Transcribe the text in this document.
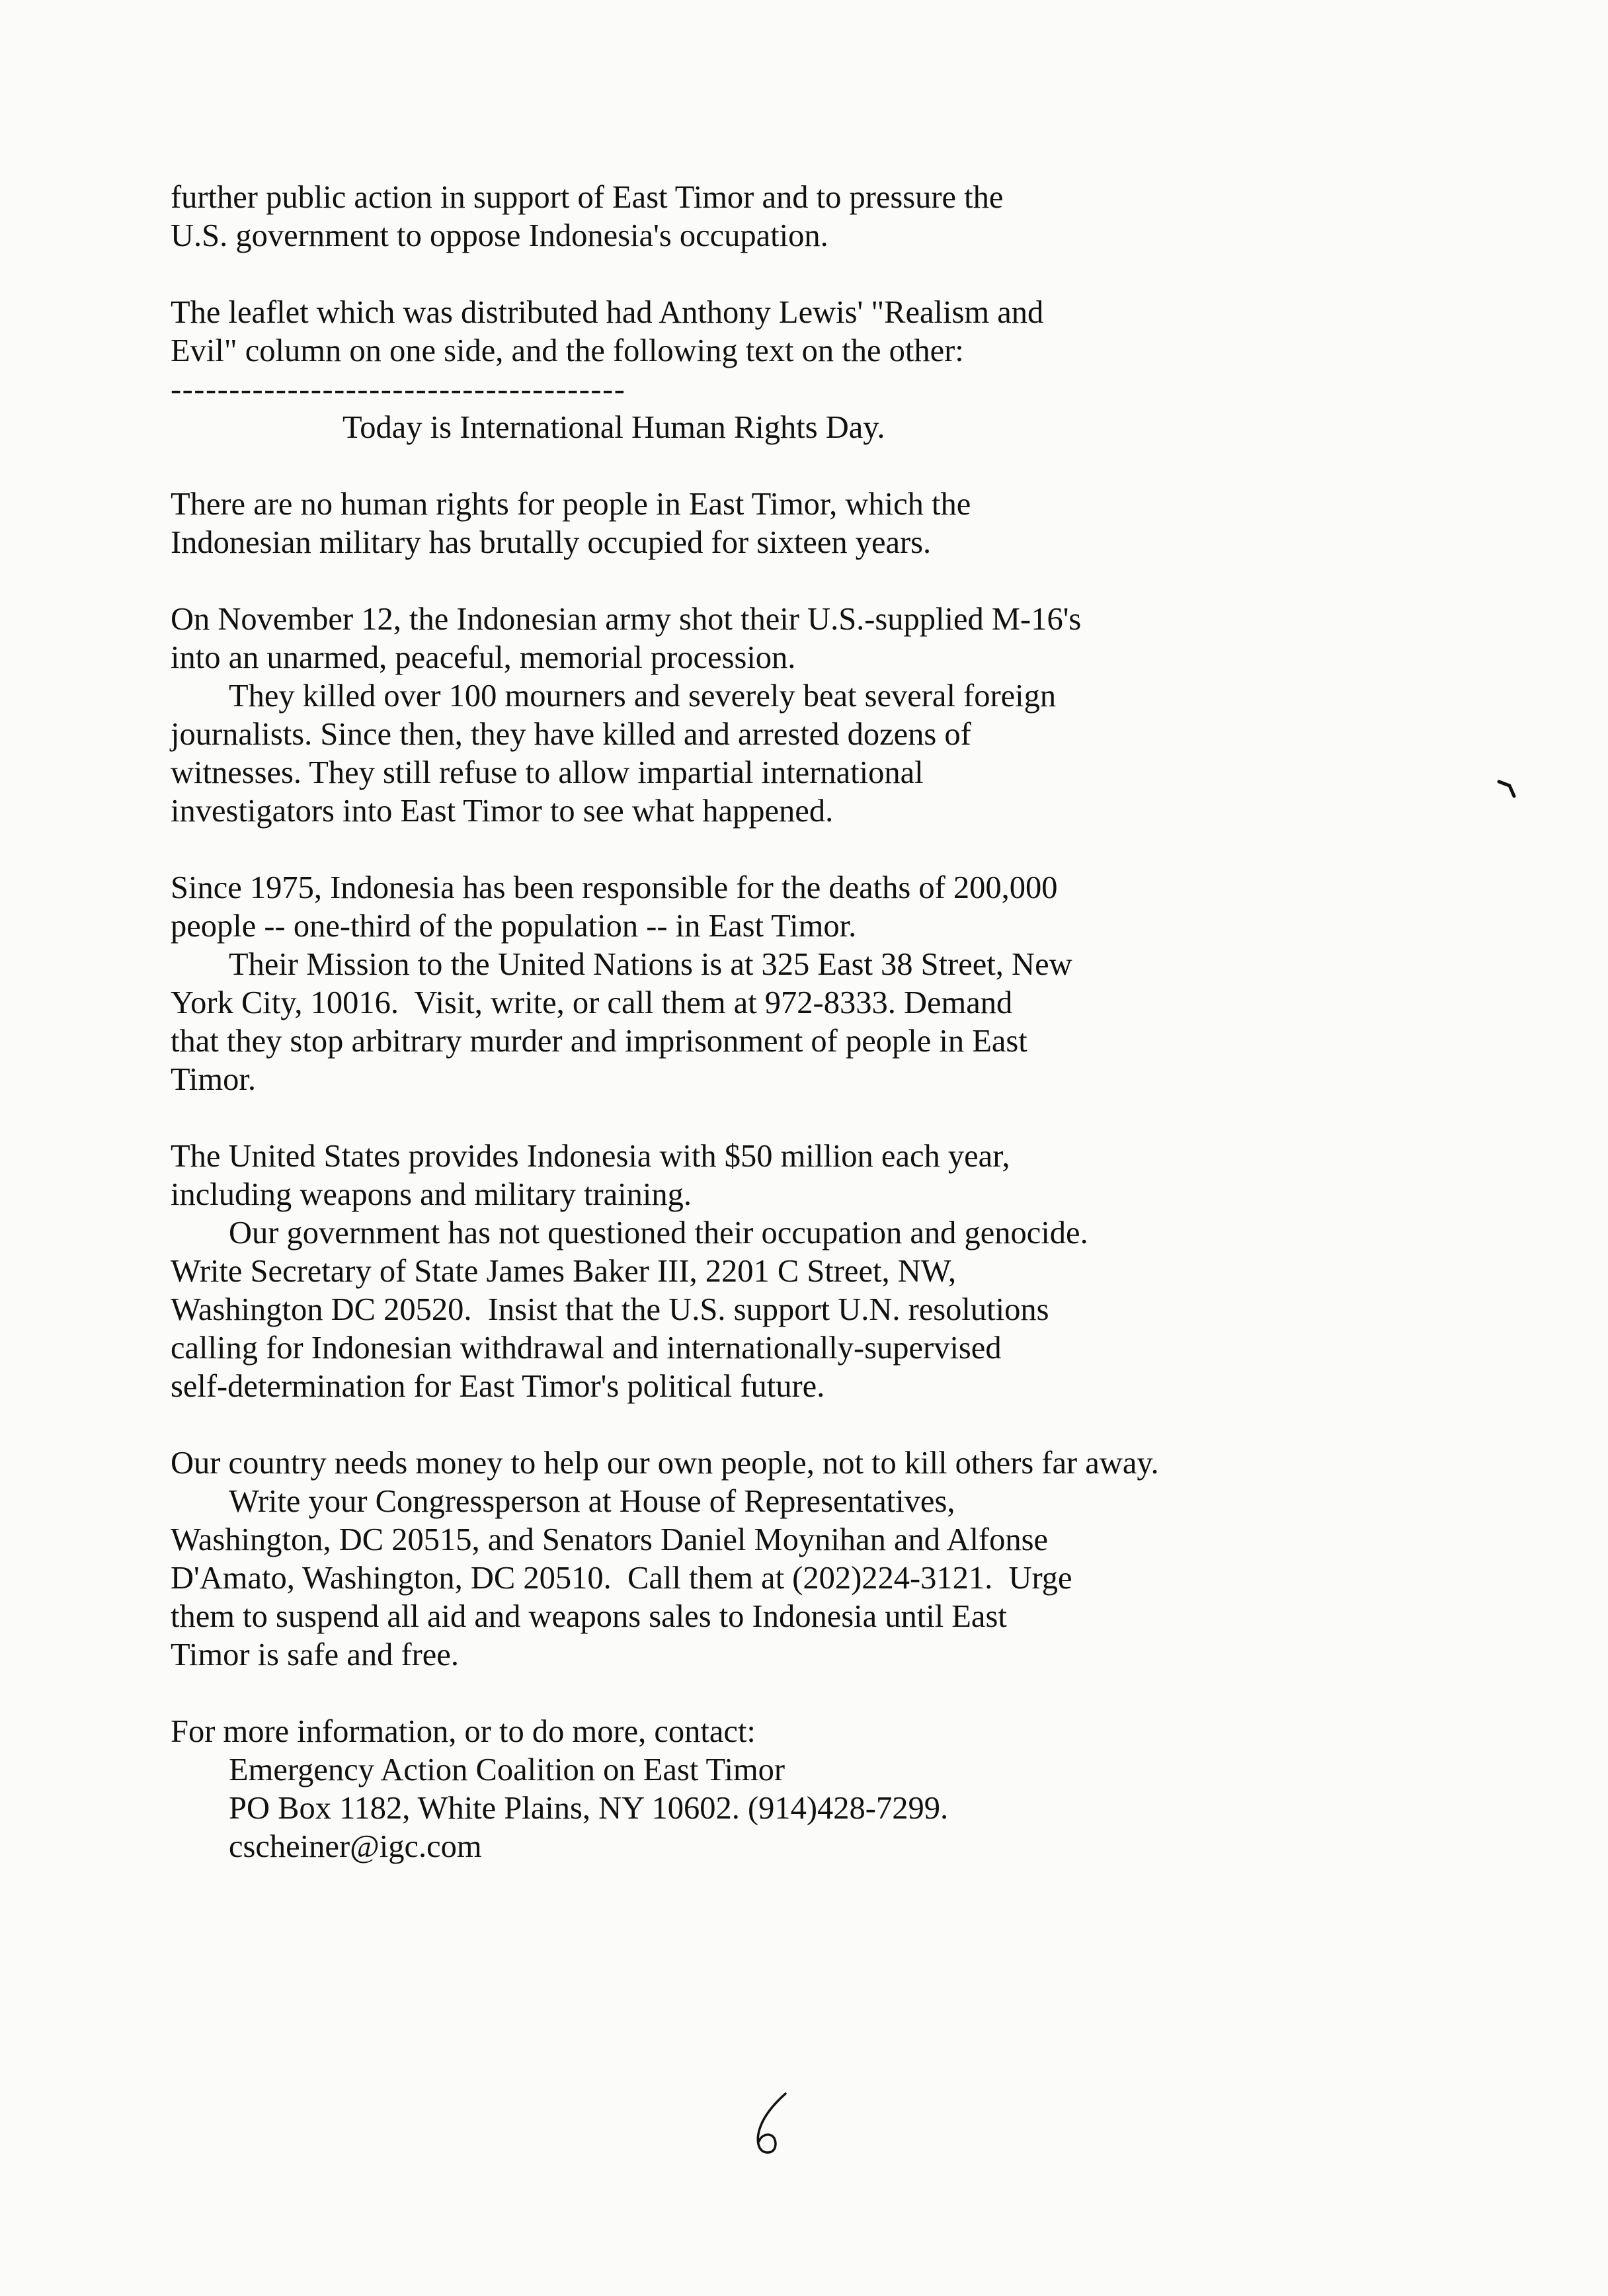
further public action in support of East Timor and to pressure the
U.S. government to oppose Indonesia's occupation.
The leaflet which was distributed had Anthony Lewis' "Realism and
Evil" column on one side, and the following text on the other:
---------------------------------------
Today is International Human Rights Day.
There are no human rights for people in East Timor, which the
Indonesian military has brutally occupied for sixteen years.
On November 12, the Indonesian army shot their U.S.-supplied M-16's
into an unarmed, peaceful, memorial procession.
They killed over 100 mourners and severely beat several foreign
journalists. Since then, they have killed and arrested dozens of
witnesses. They still refuse to allow impartial international
investigators into East Timor to see what happened.
Since 1975, Indonesia has been responsible for the deaths of 200,000
people -- one-third of the population -- in East Timor.
Their Mission to the United Nations is at 325 East 38 Street, New
York City, 10016.  Visit, write, or call them at 972-8333. Demand
that they stop arbitrary murder and imprisonment of people in East
Timor.
The United States provides Indonesia with $50 million each year,
including weapons and military training.
Our government has not questioned their occupation and genocide.
Write Secretary of State James Baker III, 2201 C Street, NW,
Washington DC 20520.  Insist that the U.S. support U.N. resolutions
calling for Indonesian withdrawal and internationally-supervised
self-determination for East Timor's political future.
Our country needs money to help our own people, not to kill others far away.
Write your Congressperson at House of Representatives,
Washington, DC 20515, and Senators Daniel Moynihan and Alfonse
D'Amato, Washington, DC 20510.  Call them at (202)224-3121.  Urge
them to suspend all aid and weapons sales to Indonesia until East
Timor is safe and free.
For more information, or to do more, contact:
Emergency Action Coalition on East Timor
PO Box 1182, White Plains, NY 10602. (914)428-7299.
cscheiner@igc.com
6
